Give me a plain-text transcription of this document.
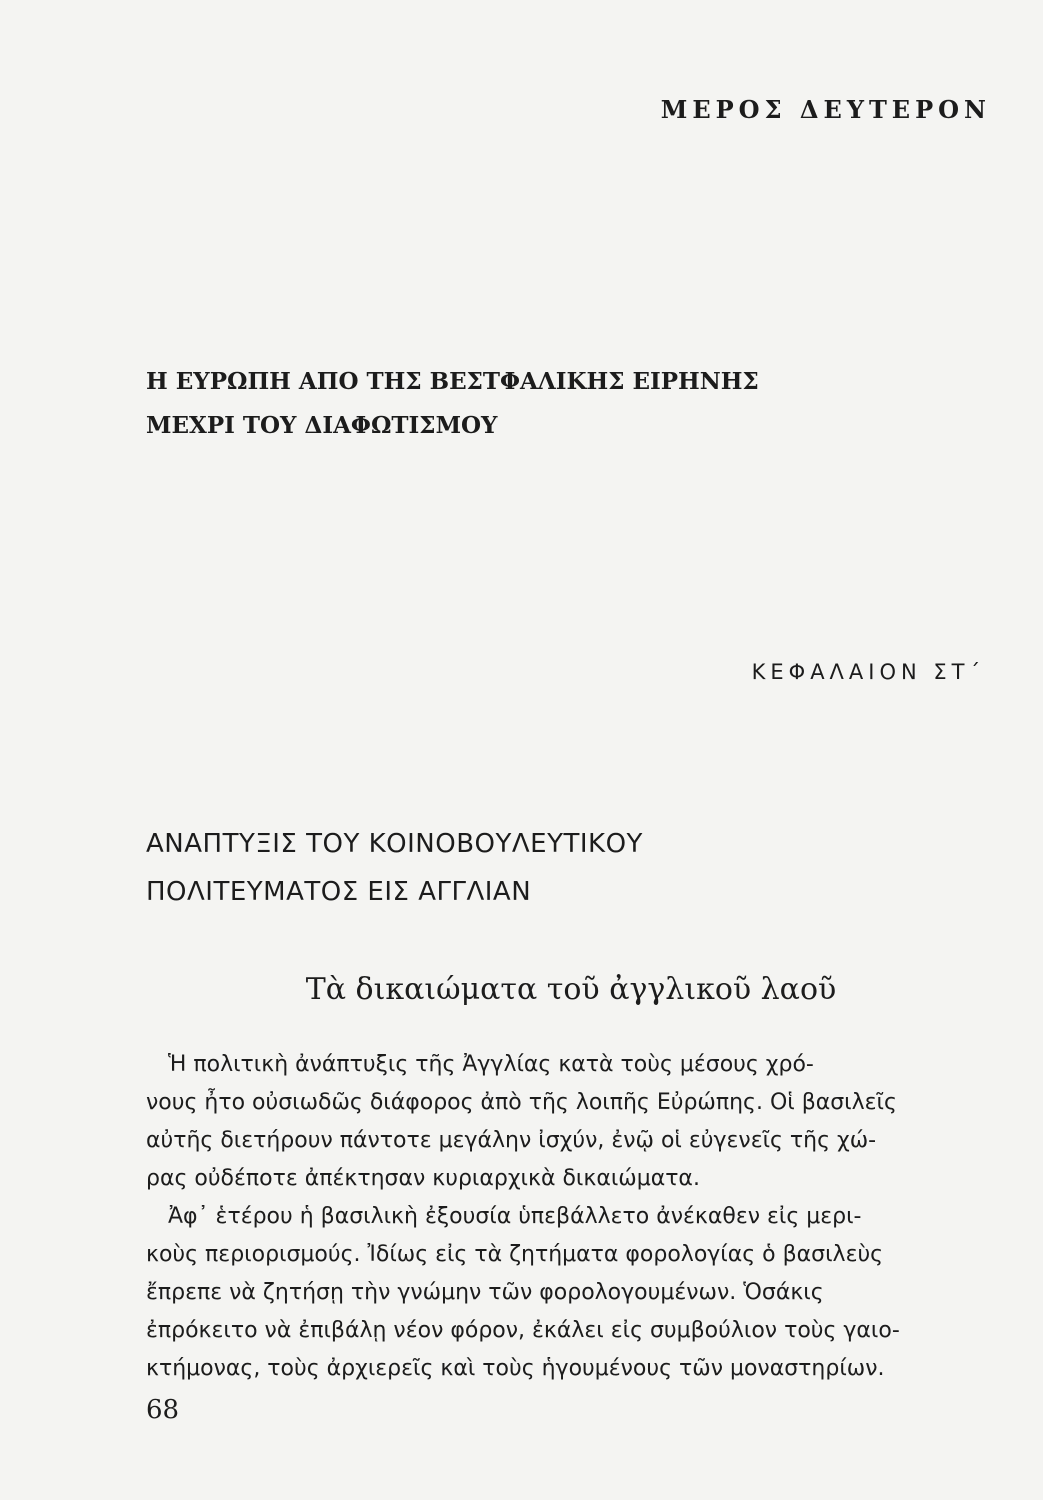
ΜΕΡΟΣ ΔΕΥΤΕΡΟΝ
Η ΕΥΡΩΠΗ ΑΠΟ ΤΗΣ ΒΕΣΤΦΑΛΙΚΗΣ ΕΙΡΗΝΗΣ
ΜΕΧΡΙ ΤΟΥ ΔΙΑΦΩΤΙΣΜΟΥ
ΚΕΦΑΛΑΙΟΝ ΣΤ΄
ΑΝΑΠΤΥΞΙΣ ΤΟΥ ΚΟΙΝΟΒΟΥΛΕΥΤΙΚΟΥ
ΠΟΛΙΤΕΥΜΑΤΟΣ ΕΙΣ ΑΓΓΛΙΑΝ
Τὰ δικαιώματα τοῦ ἀγγλικοῦ λαοῦ
Ἡ πολιτικὴ ἀνάπτυξις τῆς Ἀγγλίας κατὰ τοὺς μέσους χρό-
νους ἦτο οὐσιωδῶς διάφορος ἀπὸ τῆς λοιπῆς Εὐρώπης. Οἱ βασιλεῖς
αὐτῆς διετήρουν πάντοτε μεγάλην ἰσχύν, ἐνῷ οἱ εὐγενεῖς τῆς χώ-
ρας οὐδέποτε ἀπέκτησαν κυριαρχικὰ δικαιώματα.
Ἀφ᾽ ἑτέρου ἡ βασιλικὴ ἐξουσία ὑπεβάλλετο ἀνέκαθεν εἰς μερι-
κοὺς περιορισμούς. Ἰδίως εἰς τὰ ζητήματα φορολογίας ὁ βασιλεὺς
ἔπρεπε νὰ ζητήσῃ τὴν γνώμην τῶν φορολογουμένων. Ὁσάκις
ἐπρόκειτο νὰ ἐπιβάλῃ νέον φόρον, ἐκάλει εἰς συμβούλιον τοὺς γαιο-
κτήμονας, τοὺς ἀρχιερεῖς καὶ τοὺς ἡγουμένους τῶν μοναστηρίων.
68
